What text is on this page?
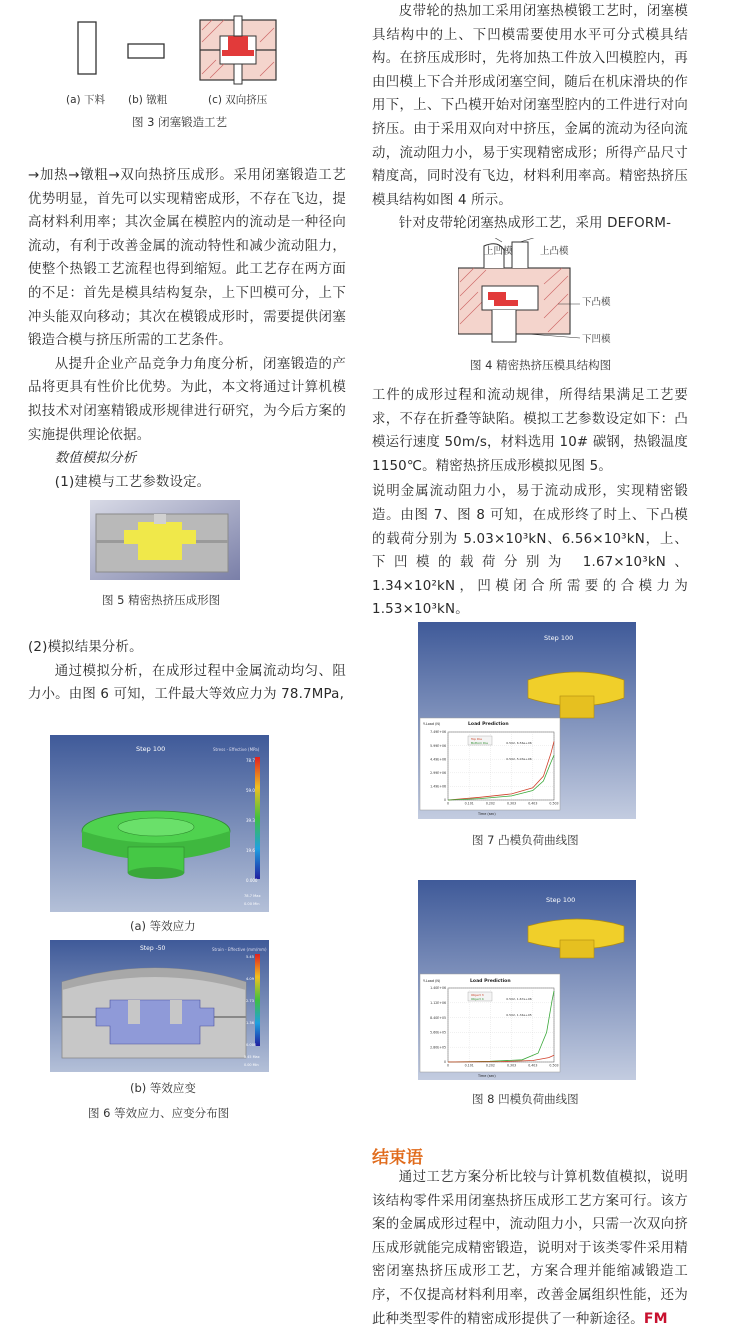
(a) 下料 (b) 镦粗	(c) 双向挤压
图 3 闭塞锻造工艺

→加热→镦粗→双向热挤压成形。采用闭塞锻造工艺优势明显，首先可以实现精密成形，不存在飞边，提高材料利用率；其次金属在模腔内的流动是一种径向流动，有利于改善金属的流动特性和减少流动阻力，使整个热锻工艺流程也得到缩短。此工艺存在两方面的不足：首先是模具结构复杂，上下凹模可分，上下冲头能双向移动；其次在模锻成形时，需要提供闭塞锻造合模与挤压所需的工艺条件。

从提升企业产品竞争力角度分析，闭塞锻造的产品将更具有性价比优势。为此，本文将通过计算机模拟技术对闭塞精锻成形规律进行研究，为今后方案的实施提供理论依据。

数值模拟分析

(1)建模与工艺参数设定。

图 5 精密热挤压成形图

(2)模拟结果分析。

通过模拟分析，在成形过程中金属流动均匀、阻力小。由图 6 可知，工件最大等效应力为 78.7MPa,

Step 100	Stress - Effective (MPa)
78.7
59.0
39.3
19.6
0.000
78.7 Max
0.00 Min
(a) 等效应力
Step -50	Strain - Effective (mm/mm)
5.45
4.09
2.73
1.36
0.000
5.45 Max
0.00 Min
(b) 等效应变
图 6 等效应力、应变分布图

皮带轮的热加工采用闭塞热模锻工艺时，闭塞模具结构中的上、下凹模需要使用水平可分式模具结构。在挤压成形时，先将加热工件放入凹模腔内，再由凹模上下合并形成闭塞空间，随后在机床滑块的作用下，上、下凸模开始对闭塞型腔内的工件进行对向挤压。由于采用双向对中挤压，金属的流动为径向流动，流动阻力小，易于实现精密成形；所得产品尺寸精度高，同时没有飞边，材料利用率高。精密热挤压模具结构如图 4 所示。

针对皮带轮闭塞热成形工艺，采用 DEFORM-

上凹模	上凸模
下凸模
下凹模
图 4 精密热挤压模具结构图

工件的成形过程和流动规律，所得结果满足工艺要求，不存在折叠等缺陷。模拟工艺参数设定如下：凸模运行速度 50m/s，材料选用 10# 碳钢，热锻温度 1150℃。精密热挤压成形模拟见图 5。

说明金属流动阻力小，易于流动成形，实现精密锻造。由图 7、图 8 可知，在成形终了时上、下凸模的载荷分别为 5.03×10³kN、6.56×10³kN，上、下凹模的载荷分别为 1.67×10³kN、1.34×10²kN，凹模闭合所需要的合模力为 1.53×10³kN。

Step 100
Load Prediction
Y-Load (N)
Time (sec)
7.49E+06
5.99E+06
4.49E+06
2.99E+06
1.49E+06
0
0	0.101	0.202	0.303	0.403	0.503
Top Die
Bottom Die	0.502, 6.56e+06
0.502, 5.03e+06
图 7 凸模负荷曲线图
Step 100
Load Prediction
Y-Load (N)
Time (sec)
1.40E+06
1.12E+06
8.40E+05
5.60E+05
2.80E+05
0
0	0.101	0.202	0.303	0.403	0.503
Object 3
Object 4	0.502, 1.67e+06
0.502, 1.34e+05
图 8 凹模负荷曲线图
结束语

通过工艺方案分析比较与计算机数值模拟，说明该结构零件采用闭塞热挤压成形工艺方案可行。该方案的金属成形过程中，流动阻力小，只需一次双向挤压成形就能完成精密锻造，说明对于该类零件采用精密闭塞热挤压成形工艺，方案合理并能缩减锻造工序，不仅提高材料利用率，改善金属组织性能，还为此种类型零件的精密成形提供了一种新途径。FM
